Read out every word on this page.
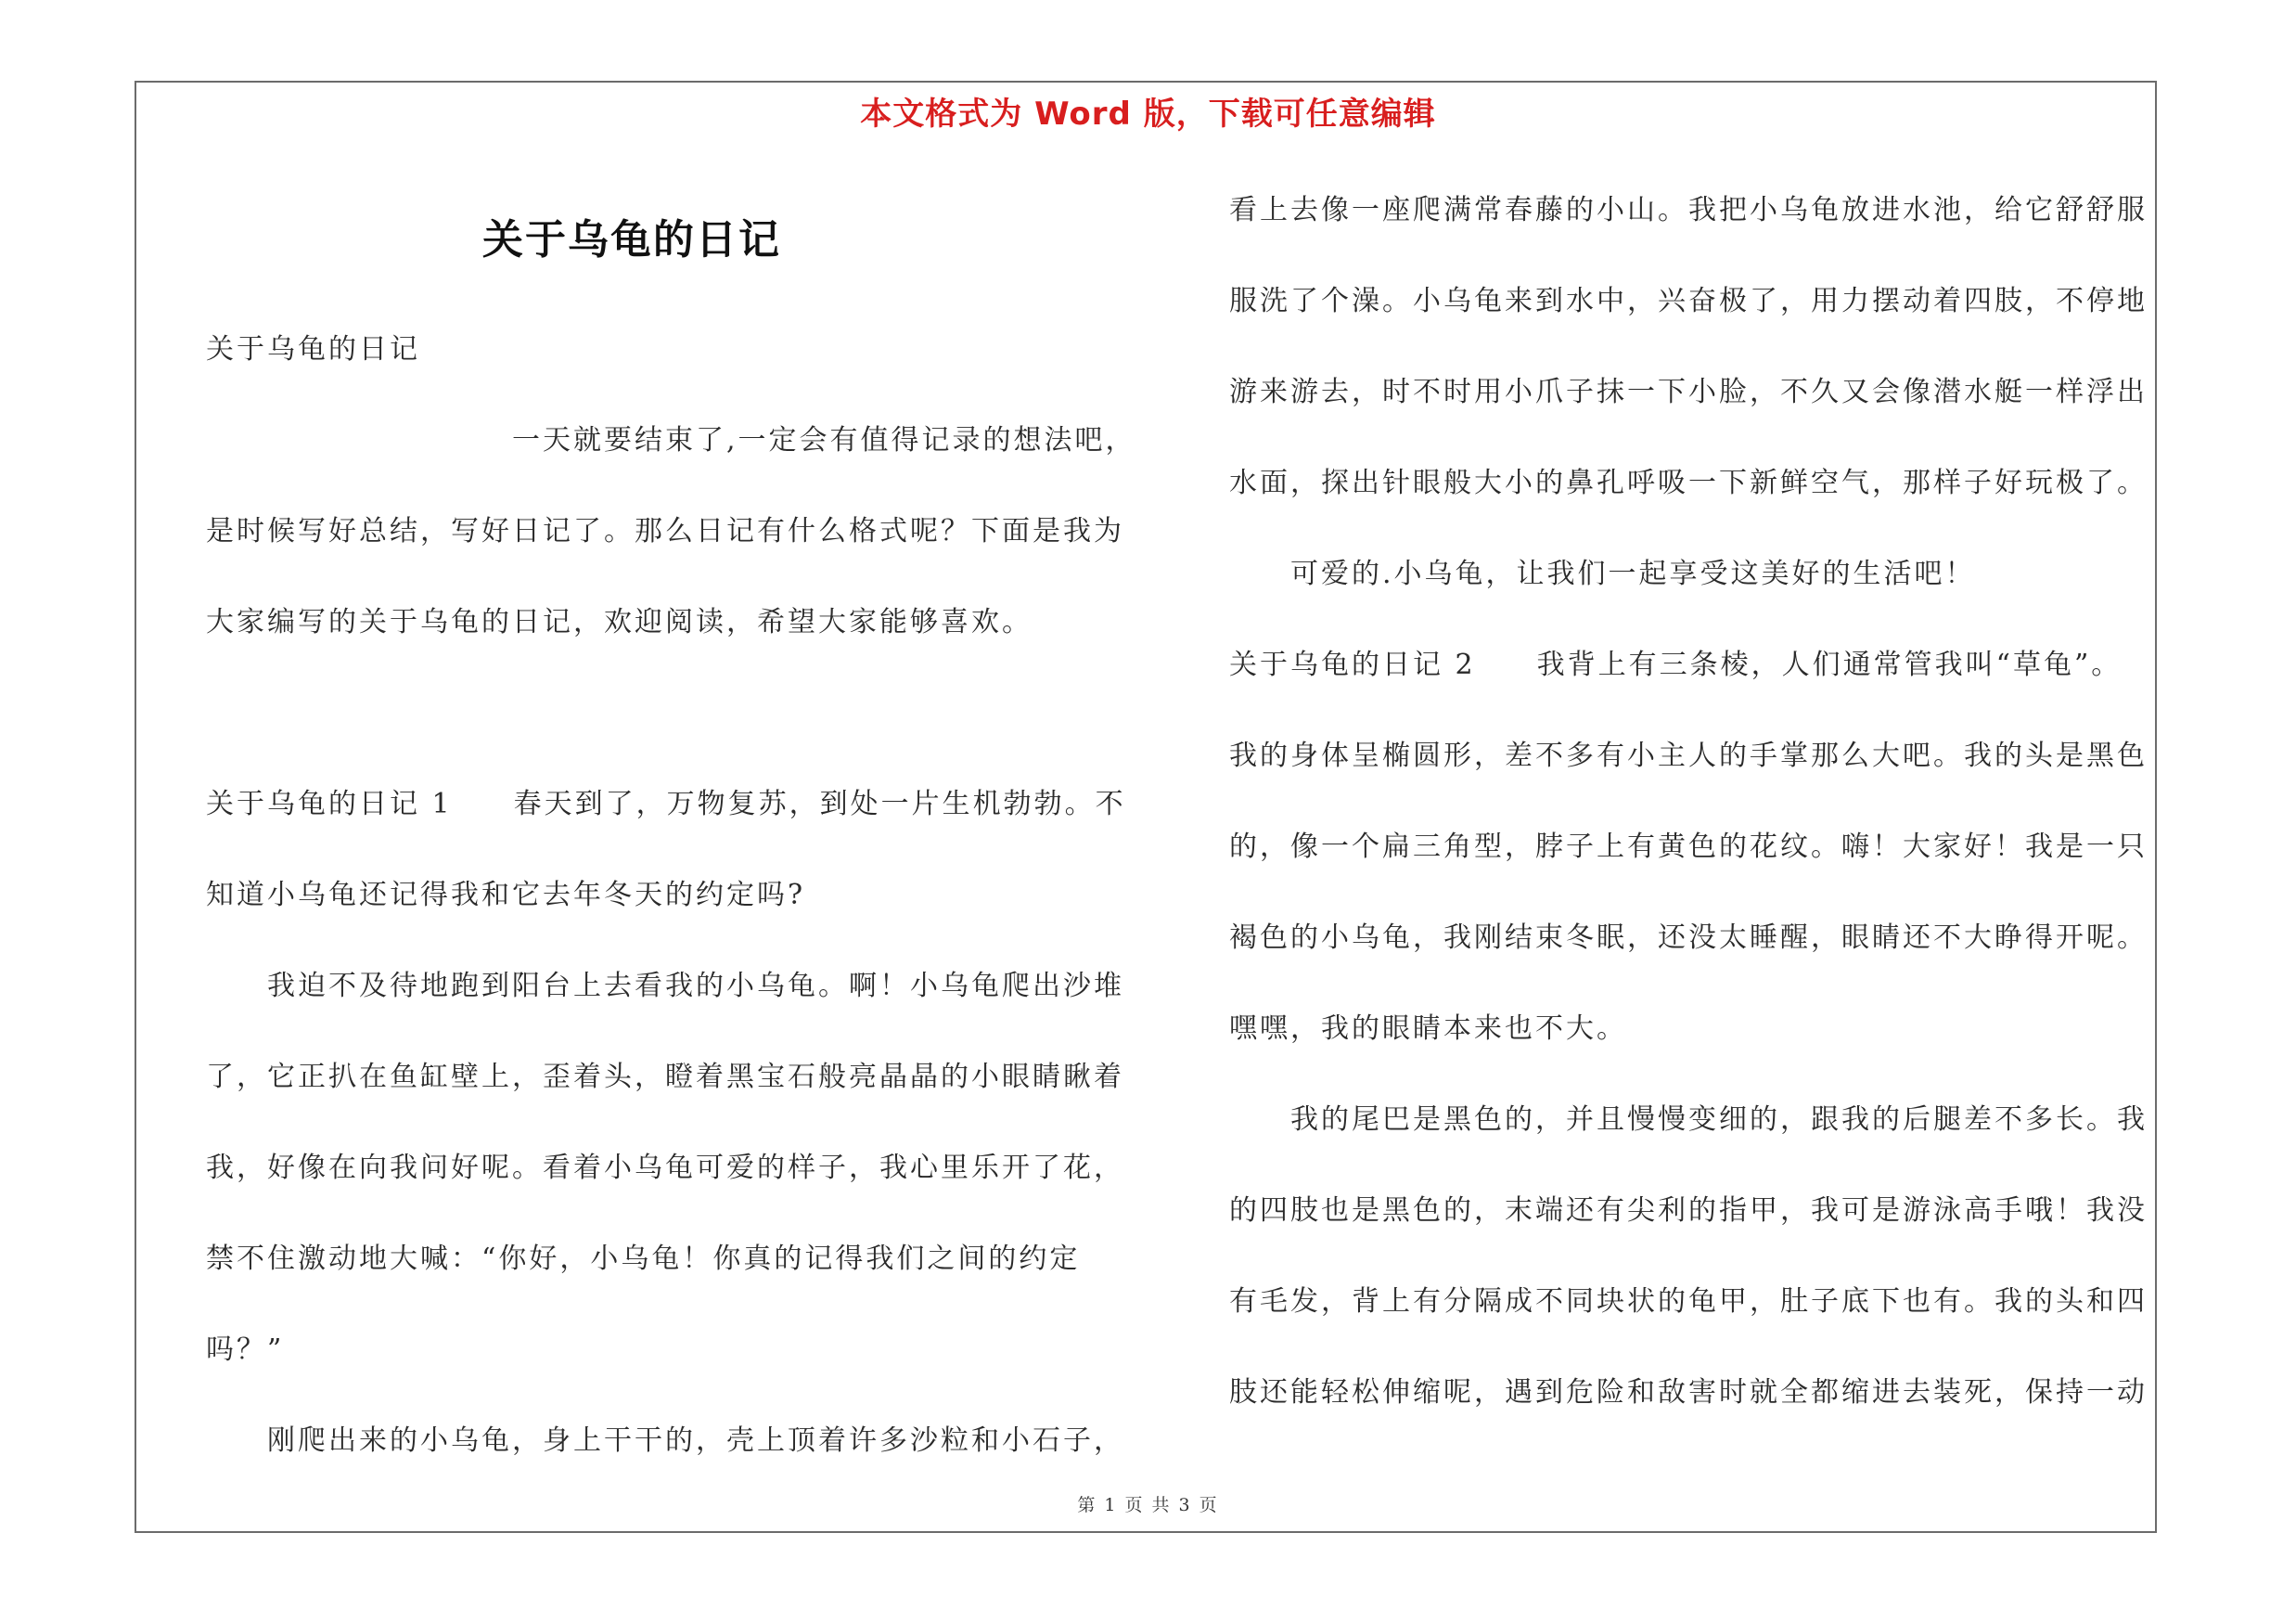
本文格式为 Word 版，下载可任意编辑
关于乌龟的日记
关于乌龟的日记
　　　　　　　　　　一天就要结束了,一定会有值得记录的想法吧，
是时候写好总结，写好日记了。那么日记有什么格式呢？下面是我为
大家编写的关于乌龟的日记，欢迎阅读，希望大家能够喜欢。
关于乌龟的日记 1　　春天到了，万物复苏，到处一片生机勃勃。不
知道小乌龟还记得我和它去年冬天的约定吗?
　　我迫不及待地跑到阳台上去看我的小乌龟。啊！小乌龟爬出沙堆
了，它正扒在鱼缸壁上，歪着头，瞪着黑宝石般亮晶晶的小眼睛瞅着
我，好像在向我问好呢。看着小乌龟可爱的样子，我心里乐开了花，
禁不住激动地大喊：“你好，小乌龟！你真的记得我们之间的约定
吗？”
　　刚爬出来的小乌龟，身上干干的，壳上顶着许多沙粒和小石子，
看上去像一座爬满常春藤的小山。我把小乌龟放进水池，给它舒舒服
服洗了个澡。小乌龟来到水中，兴奋极了，用力摆动着四肢，不停地
游来游去，时不时用小爪子抹一下小脸，不久又会像潜水艇一样浮出
水面，探出针眼般大小的鼻孔呼吸一下新鲜空气，那样子好玩极了。
　　可爱的.小乌龟，让我们一起享受这美好的生活吧！
关于乌龟的日记 2　　我背上有三条棱，人们通常管我叫“草龟”。
我的身体呈椭圆形，差不多有小主人的手掌那么大吧。我的头是黑色
的，像一个扁三角型，脖子上有黄色的花纹。嗨！大家好！我是一只
褐色的小乌龟，我刚结束冬眠，还没太睡醒，眼睛还不大睁得开呢。
嘿嘿，我的眼睛本来也不大。
　　我的尾巴是黑色的，并且慢慢变细的，跟我的后腿差不多长。我
的四肢也是黑色的，末端还有尖利的指甲，我可是游泳高手哦！我没
有毛发，背上有分隔成不同块状的龟甲，肚子底下也有。我的头和四
肢还能轻松伸缩呢，遇到危险和敌害时就全都缩进去装死，保持一动
第 1 页 共 3 页
